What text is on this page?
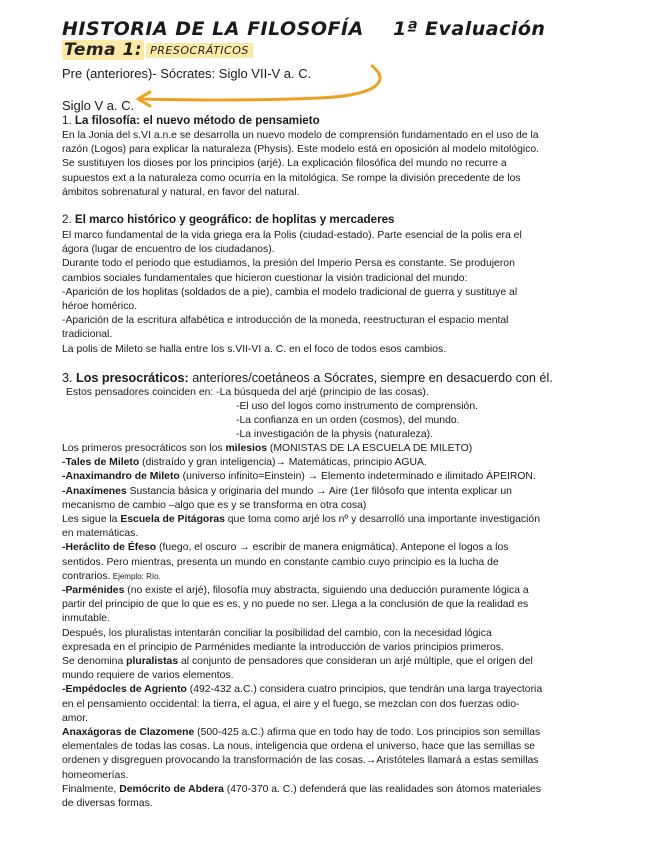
HISTORIA DE LA FILOSOFÍA 1ª Evaluación
Tema 1: PRESOCRÁTICOS
Pre (anteriores)- Sócrates: Siglo VII-V a. C.
Siglo V a. C.
1. La filosofía: el nuevo método de pensamieto

En la Jonia del s.VI a.n.e se desarrolla un nuevo modelo de comprensión fundamentado en el uso de la

razón (Logos) para explicar la naturaleza (Physis). Este modelo está en oposición al modelo mitológico.

Se sustituyen los dioses por los principios (arjé). La explicación filosófica del mundo no recurre a

supuestos ext a la naturaleza como ocurría en la mitológica. Se rompe la división precedente de los

ámbitos sobrenatural y natural, en favor del natural.

2. El marco histórico y geográfico: de hoplitas y mercaderes

El marco fundamental de la vida griega era la Polis (ciudad-estado). Parte esencial de la polis era el

ágora (lugar de encuentro de los ciudadanos).

Durante todo el periodo que estudiamos, la presión del Imperio Persa es constante. Se produjeron

cambios sociales fundamentales que hicieron cuestionar la visión tradicional del mundo:

-Aparición de los hoplitas (soldados de a pie), cambia el modelo tradicional de guerra y sustituye al

héroe homérico.

-Aparición de la escritura alfabética e introducción de la moneda, reestructuran el espacio mental

tradicional.

La polis de Mileto se halla entre los s.VII-VI a. C. en el foco de todos esos cambios.

3. Los presocráticos: anteriores/coetáneos a Sócrates, siempre en desacuerdo con él.
Estos pensadores coinciden en: -La búsqueda del arjé (principio de las cosas).
-El uso del logos como instrumento de comprensión.
-La confianza en un orden (cosmos), del mundo.
-La investigación de la physis (naturaleza).

Los primeros presocráticos son los milesios (MONISTAS DE LA ESCUELA DE MILETO)

-Tales de Mileto (distraído y gran inteligencia)→ Matemáticas, principio AGUA.

-Anaximandro de Mileto (universo infinito=Einstein) → Elemento indeterminado e ilimitado ÁPEIRON.

-Anaxímenes Sustancia básica y originaria del mundo → Aire (1er filósofo que intenta explicar un

mecanismo de cambio –algo que es y se transforma en otra cosa)

Les sigue la Escuela de Pitágoras que toma como arjé los nº y desarrolló una importante investigación

en matemáticas.

-Heráclito de Éfeso (fuego, el oscuro → escribir de manera enigmática). Antepone el logos a los

sentidos. Pero mientras, presenta un mundo en constante cambio cuyo principio es la lucha de

contrarios. Ejemplo: Río.

-Parménides (no existe el arjé), filosofía muy abstracta, siguiendo una deducción puramente lógica a

partir del principio de que lo que es es, y no puede no ser. Llega a la conclusión de que la realidad es

inmutable.

Después, los pluralistas intentarán conciliar la posibilidad del cambio, con la necesidad lógica

expresada en el principio de Parménides mediante la introducción de varios principios primeros.

Se denomina pluralistas al conjunto de pensadores que consideran un arjé múltiple, que el origen del

mundo requiere de varios elementos.

-Empédocles de Agriento (492-432 a.C.) considera cuatro principios, que tendrán una larga trayectoria

en el pensamiento occidental: la tierra, el agua, el aire y el fuego, se mezclan con dos fuerzas odio-

amor.

Anaxágoras de Clazomene (500-425 a.C.) afirma que en todo hay de todo. Los principios son semillas

elementales de todas las cosas. La nous, inteligencia que ordena el universo, hace que las semillas se

ordenen y disgreguen provocando la transformación de las cosas.→Aristóteles llamará a estas semillas

homeomerías.

Finalmente, Demócrito de Abdera (470-370 a. C.) defenderá que las realidades son átomos materiales

de diversas formas.
